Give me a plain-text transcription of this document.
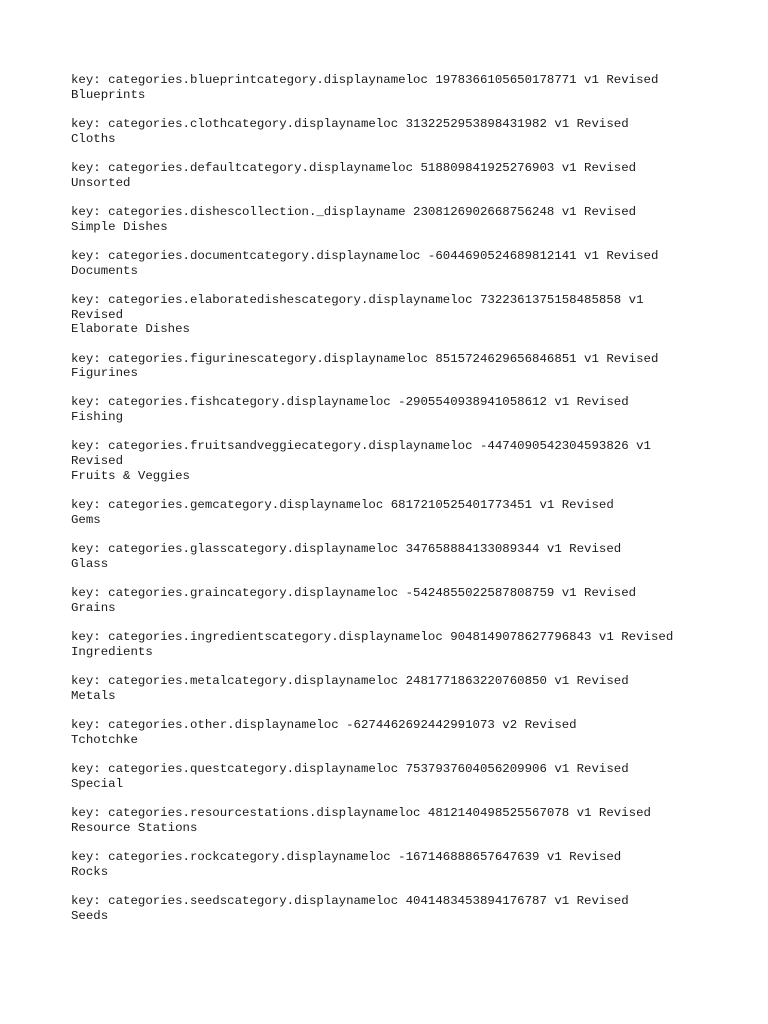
key: categories.blueprintcategory.displaynameloc 1978366105650178771 v1 Revised
Blueprints
key: categories.clothcategory.displaynameloc 3132252953898431982 v1 Revised
Cloths
key: categories.defaultcategory.displaynameloc 518809841925276903 v1 Revised
Unsorted
key: categories.dishescollection._displayname 2308126902668756248 v1 Revised
Simple Dishes
key: categories.documentcategory.displaynameloc -6044690524689812141 v1 Revised
Documents
key: categories.elaboratedishescategory.displaynameloc 7322361375158485858 v1
Revised
Elaborate Dishes
key: categories.figurinescategory.displaynameloc 8515724629656846851 v1 Revised
Figurines
key: categories.fishcategory.displaynameloc -2905540938941058612 v1 Revised
Fishing
key: categories.fruitsandveggiecategory.displaynameloc -4474090542304593826 v1
Revised
Fruits & Veggies
key: categories.gemcategory.displaynameloc 6817210525401773451 v1 Revised
Gems
key: categories.glasscategory.displaynameloc 347658884133089344 v1 Revised
Glass
key: categories.graincategory.displaynameloc -5424855022587808759 v1 Revised
Grains
key: categories.ingredientscategory.displaynameloc 9048149078627796843 v1 Revised
Ingredients
key: categories.metalcategory.displaynameloc 2481771863220760850 v1 Revised
Metals
key: categories.other.displaynameloc -6274462692442991073 v2 Revised
Tchotchke
key: categories.questcategory.displaynameloc 7537937604056209906 v1 Revised
Special
key: categories.resourcestations.displaynameloc 4812140498525567078 v1 Revised
Resource Stations
key: categories.rockcategory.displaynameloc -167146888657647639 v1 Revised
Rocks
key: categories.seedscategory.displaynameloc 4041483453894176787 v1 Revised
Seeds
